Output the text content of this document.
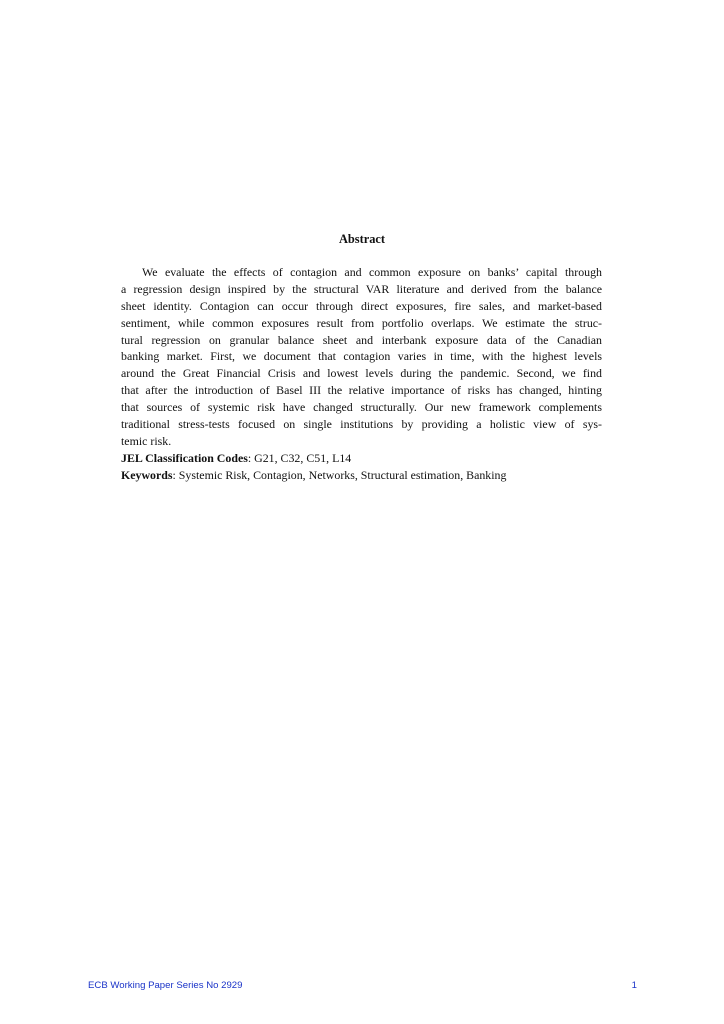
Abstract
We evaluate the effects of contagion and common exposure on banks’ capital through
a regression design inspired by the structural VAR literature and derived from the balance
sheet identity. Contagion can occur through direct exposures, fire sales, and market-based
sentiment, while common exposures result from portfolio overlaps. We estimate the struc-
tural regression on granular balance sheet and interbank exposure data of the Canadian
banking market. First, we document that contagion varies in time, with the highest levels
around the Great Financial Crisis and lowest levels during the pandemic. Second, we find
that after the introduction of Basel III the relative importance of risks has changed, hinting
that sources of systemic risk have changed structurally. Our new framework complements
traditional stress-tests focused on single institutions by providing a holistic view of sys-
temic risk.
JEL Classification Codes: G21, C32, C51, L14
Keywords: Systemic Risk, Contagion, Networks, Structural estimation, Banking
ECB Working Paper Series No 2929	1
